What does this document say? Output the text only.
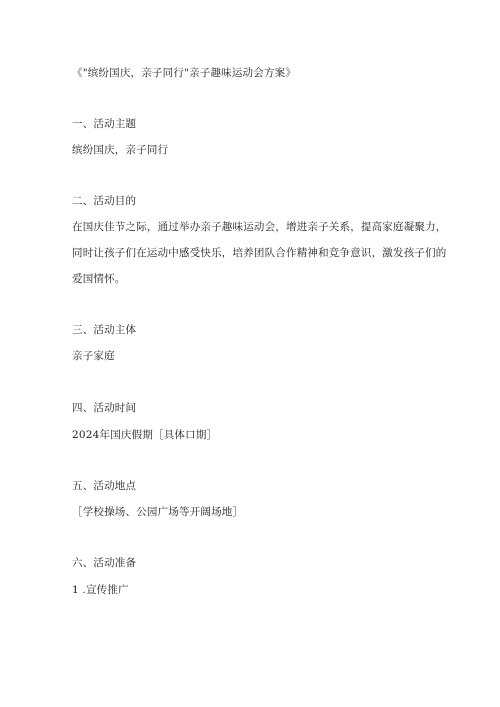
《"缤纷国庆，亲子同行"亲子趣味运动会方案》
一、活动主题
缤纷国庆，亲子同行
二、活动目的
在国庆佳节之际，通过举办亲子趣味运动会，增进亲子关系，提高家庭凝聚力，
同时让孩子们在运动中感受快乐，培养团队合作精神和竞争意识，激发孩子们的
爱国情怀。
三、活动主体
亲子家庭
四、活动时间
2024年国庆假期［具体口期］
五、活动地点
［学校操场、公园广场等开阔场地］
六、活动准备
1 .宣传推广
